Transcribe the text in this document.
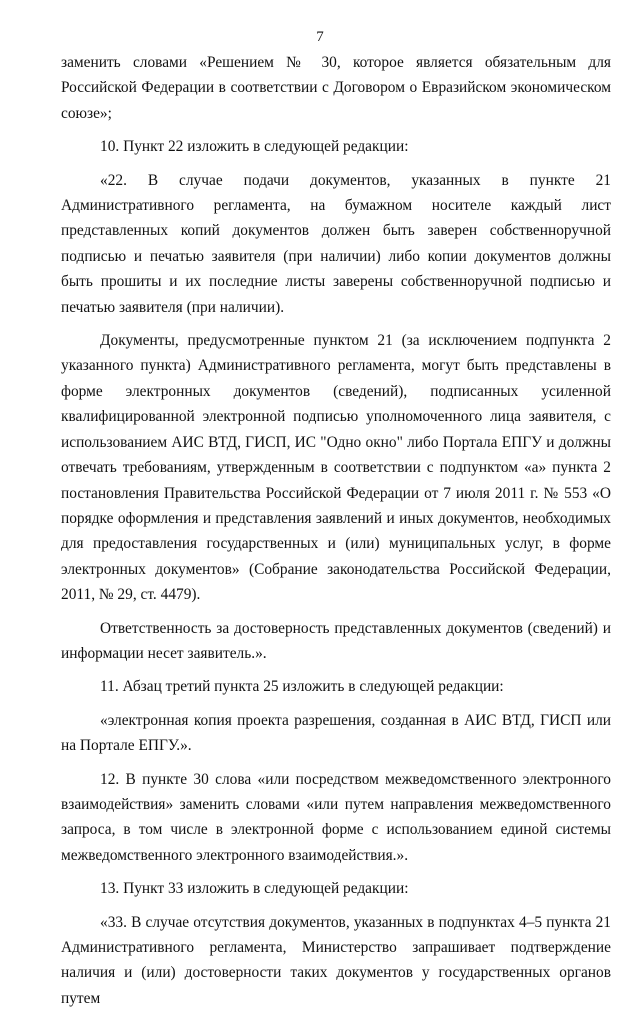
7

заменить словами «Решением № 30, которое является обязательным для Российской Федерации в соответствии с Договором о Евразийском экономическом союзе»;

10. Пункт 22 изложить в следующей редакции:

«22. В случае подачи документов, указанных в пункте 21 Административного регламента, на бумажном носителе каждый лист представленных копий документов должен быть заверен собственноручной подписью и печатью заявителя (при наличии) либо копии документов должны быть прошиты и их последние листы заверены собственноручной подписью и печатью заявителя (при наличии).

Документы, предусмотренные пунктом 21 (за исключением подпункта 2 указанного пункта) Административного регламента, могут быть представлены в форме электронных документов (сведений), подписанных усиленной квалифицированной электронной подписью уполномоченного лица заявителя, с использованием АИС ВТД, ГИСП, ИС "Одно окно" либо Портала ЕПГУ и должны отвечать требованиям, утвержденным в соответствии с подпунктом «а» пункта 2 постановления Правительства Российской Федерации от 7 июля 2011 г. № 553 «О порядке оформления и представления заявлений и иных документов, необходимых для предоставления государственных и (или) муниципальных услуг, в форме электронных документов» (Собрание законодательства Российской Федерации, 2011, № 29, ст. 4479).

Ответственность за достоверность представленных документов (сведений) и информации несет заявитель.».

11. Абзац третий пункта 25 изложить в следующей редакции:

«электронная копия проекта разрешения, созданная в АИС ВТД, ГИСП или на Портале ЕПГУ.».

12. В пункте 30 слова «или посредством межведомственного электронного взаимодействия» заменить словами «или путем направления межведомственного запроса, в том числе в электронной форме с использованием единой системы межведомственного электронного взаимодействия.».

13. Пункт 33 изложить в следующей редакции:

«33. В случае отсутствия документов, указанных в подпунктах 4–5 пункта 21 Административного регламента, Министерство запрашивает подтверждение наличия и (или) достоверности таких документов у государственных органов путем
